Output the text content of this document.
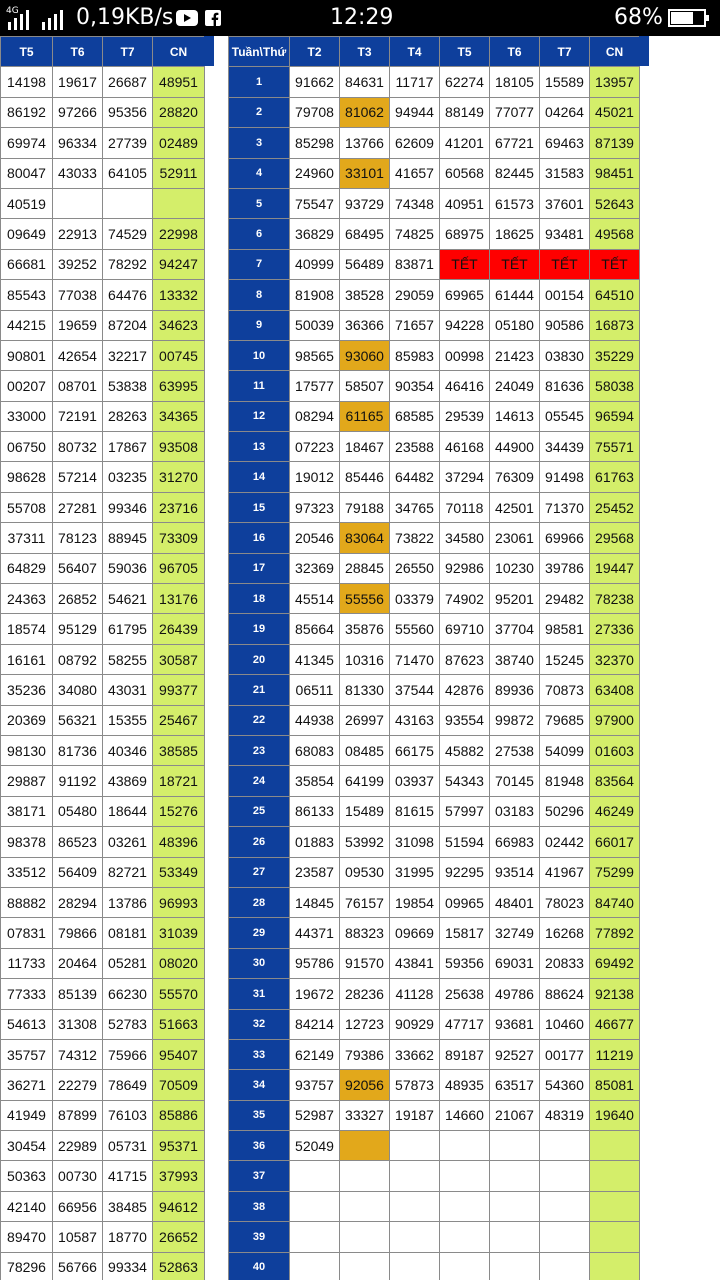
4G	0,19KB/s	12:29	68%
T5	T6	T7	CN
14198	19617	26687	48951
86192	97266	95356	28820
69974	96334	27739	02489
80047	43033	64105	52911
40519			
09649	22913	74529	22998
66681	39252	78292	94247
85543	77038	64476	13332
44215	19659	87204	34623
90801	42654	32217	00745
00207	08701	53838	63995
33000	72191	28263	34365
06750	80732	17867	93508
98628	57214	03235	31270
55708	27281	99346	23716
37311	78123	88945	73309
64829	56407	59036	96705
24363	26852	54621	13176
18574	95129	61795	26439
16161	08792	58255	30587
35236	34080	43031	99377
20369	56321	15355	25467
98130	81736	40346	38585
29887	91192	43869	18721
38171	05480	18644	15276
98378	86523	03261	48396
33512	56409	82721	53349
88882	28294	13786	96993
07831	79866	08181	31039
11733	20464	05281	08020
77333	85139	66230	55570
54613	31308	52783	51663
35757	74312	75966	95407
36271	22279	78649	70509
41949	87899	76103	85886
30454	22989	05731	95371
50363	00730	41715	37993
42140	66956	38485	94612
89470	10587	18770	26652
78296	56766	99334	52863
Tuần\Thứ	T2	T3	T4	T5	T6	T7	CN
1	91662	84631	11717	62274	18105	15589	13957
2	79708	81062	94944	88149	77077	04264	45021
3	85298	13766	62609	41201	67721	69463	87139
4	24960	33101	41657	60568	82445	31583	98451
5	75547	93729	74348	40951	61573	37601	52643
6	36829	68495	74825	68975	18625	93481	49568
7	40999	56489	83871	TẾT	TẾT	TẾT	TẾT
8	81908	38528	29059	69965	61444	00154	64510
9	50039	36366	71657	94228	05180	90586	16873
10	98565	93060	85983	00998	21423	03830	35229
11	17577	58507	90354	46416	24049	81636	58038
12	08294	61165	68585	29539	14613	05545	96594
13	07223	18467	23588	46168	44900	34439	75571
14	19012	85446	64482	37294	76309	91498	61763
15	97323	79188	34765	70118	42501	71370	25452
16	20546	83064	73822	34580	23061	69966	29568
17	32369	28845	26550	92986	10230	39786	19447
18	45514	55556	03379	74902	95201	29482	78238
19	85664	35876	55560	69710	37704	98581	27336
20	41345	10316	71470	87623	38740	15245	32370
21	06511	81330	37544	42876	89936	70873	63408
22	44938	26997	43163	93554	99872	79685	97900
23	68083	08485	66175	45882	27538	54099	01603
24	35854	64199	03937	54343	70145	81948	83564
25	86133	15489	81615	57997	03183	50296	46249
26	01883	53992	31098	51594	66983	02442	66017
27	23587	09530	31995	92295	93514	41967	75299
28	14845	76157	19854	09965	48401	78023	84740
29	44371	88323	09669	15817	32749	16268	77892
30	95786	91570	43841	59356	69031	20833	69492
31	19672	28236	41128	25638	49786	88624	92138
32	84214	12723	90929	47717	93681	10460	46677
33	62149	79386	33662	89187	92527	00177	11219
34	93757	92056	57873	48935	63517	54360	85081
35	52987	33327	19187	14660	21067	48319	19640
36	52049						
37							
38							
39							
40							
